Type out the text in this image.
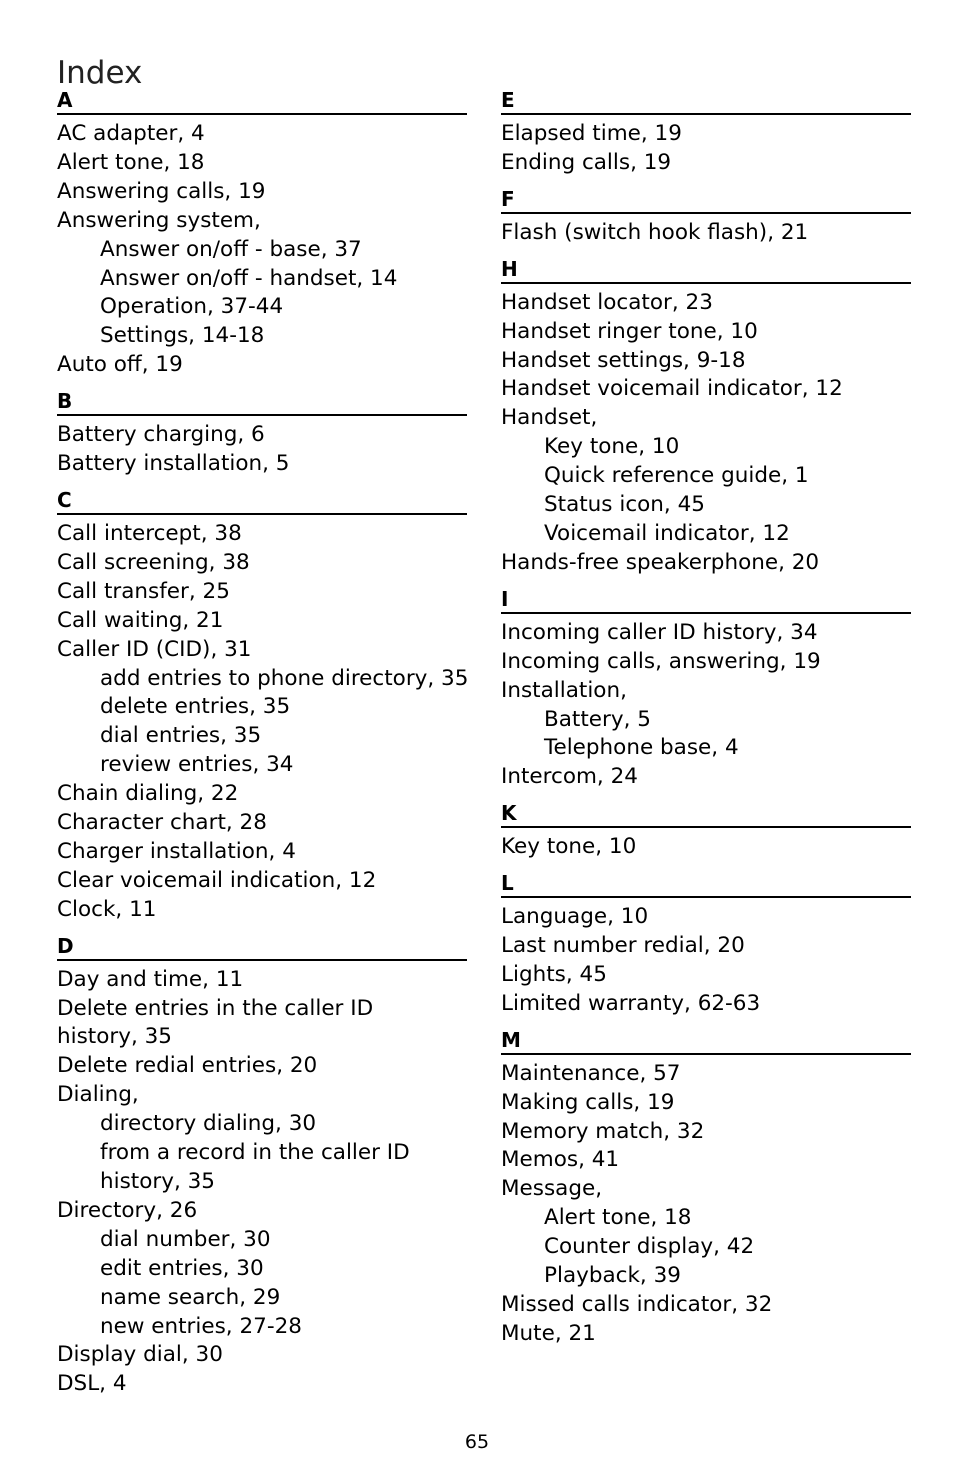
Index
A
AC adapter, 4
Alert tone, 18
Answering calls, 19
Answering system,
Answer on/off - base, 37
Answer on/off - handset, 14
Operation, 37-44
Settings, 14-18
Auto off, 19
B
Battery charging, 6
Battery installation, 5
C
Call intercept, 38
Call screening, 38
Call transfer, 25
Call waiting, 21
Caller ID (CID), 31
add entries to phone directory, 35
delete entries, 35
dial entries, 35
review entries, 34
Chain dialing, 22
Character chart, 28
Charger installation, 4
Clear voicemail indication, 12
Clock, 11
D
Day and time, 11
Delete entries in the caller ID
history, 35
Delete redial entries, 20
Dialing,
directory dialing, 30
from a record in the caller ID
history, 35
Directory, 26
dial number, 30
edit entries, 30
name search, 29
new entries, 27-28
Display dial, 30
DSL, 4
E
Elapsed time, 19
Ending calls, 19
F
Flash (switch hook flash), 21
H
Handset locator, 23
Handset ringer tone, 10
Handset settings, 9-18
Handset voicemail indicator, 12
Handset,
Key tone, 10
Quick reference guide, 1
Status icon, 45
Voicemail indicator, 12
Hands-free speakerphone, 20
I
Incoming caller ID history, 34
Incoming calls, answering, 19
Installation,
Battery, 5
Telephone base, 4
Intercom, 24
K
Key tone, 10
L
Language, 10
Last number redial, 20
Lights, 45
Limited warranty, 62-63
M
Maintenance, 57
Making calls, 19
Memory match, 32
Memos, 41
Message,
Alert tone, 18
Counter display, 42
Playback, 39
Missed calls indicator, 32
Mute, 21
65
